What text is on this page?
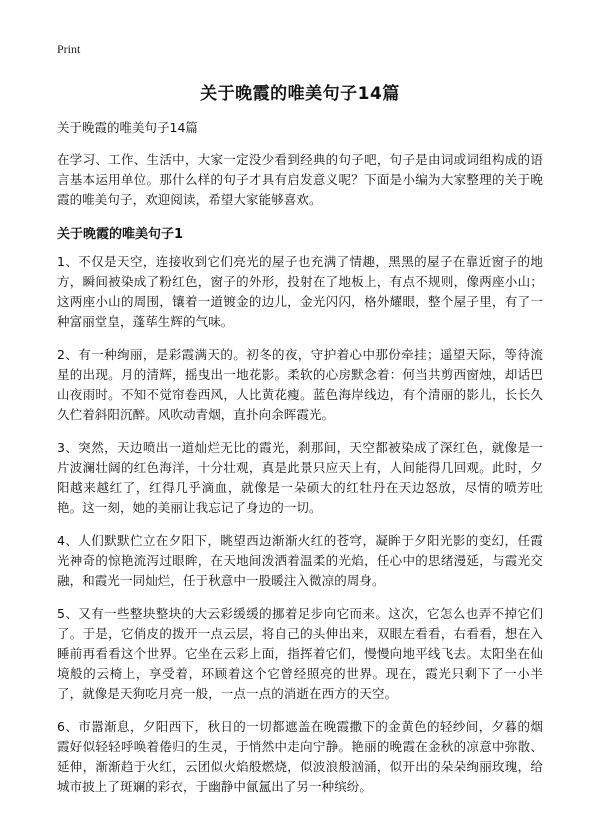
Print
关于晚霞的唯美句子14篇
关于晚霞的唯美句子14篇

在学习、工作、生活中，大家一定没少看到经典的句子吧，句子是由词或词组构成的语言基本运用单位。那什么样的句子才具有启发意义呢？下面是小编为大家整理的关于晚霞的唯美句子，欢迎阅读，希望大家能够喜欢。

关于晚霞的唯美句子1

1、不仅是天空，连接收到它们亮光的屋子也充满了情趣，黑黑的屋子在靠近窗子的地方，瞬间被染成了粉红色，窗子的外形，投射在了地板上，有点不规则，像两座小山；这两座小山的周围，镶着一道镀金的边儿，金光闪闪，格外耀眼，整个屋子里，有了一种富丽堂皇，蓬荜生辉的气味。

2、有一种绚丽，是彩霞满天的。初冬的夜，守护着心中那份牵挂；遥望天际，等待流星的出现。月的清辉，摇曳出一地花影。柔软的心房默念着：何当共剪西窗烛，却话巴山夜雨时。不知不觉帘卷西风，人比黄花瘦。蓝色海岸线边，有个清丽的影儿，长长久久伫着斜阳沉醉。风吹动青烟，直扑向余晖霞光。

3、突然，天边喷出一道灿烂无比的霞光，刹那间，天空都被染成了深红色，就像是一片波澜壮阔的红色海洋，十分壮观，真是此景只应天上有，人间能得几回观。此时，夕阳越来越红了，红得几乎滴血，就像是一朵硕大的红牡丹在天边怒放，尽情的喷芳吐艳。这一刻，她的美丽让我忘记了身边的一切。

4、人们默默伫立在夕阳下，眺望西边渐渐火红的苍穹，凝眸于夕阳光影的变幻，任霞光神奇的惊艳流泻过眼眸，在天地间泼洒着温柔的光焰，任心中的思绪漫延，与霞光交融，和霞光一同灿烂，任于秋意中一股暖注入微凉的周身。

5、又有一些整块整块的大云彩缓缓的挪着足步向它而来。这次，它怎么也弄不掉它们了。于是，它俏皮的拨开一点云层，将自己的头伸出来，双眼左看看，右看看，想在入睡前再看看这个世界。它坐在云彩上面，指挥着它们，慢慢向地平线飞去。太阳坐在仙境般的云椅上，享受着，环顾着这个它曾经照亮的世界。现在，霞光只剩下了一小半了，就像是天狗吃月亮一般，一点一点的消逝在西方的天空。

6、市嚣渐息，夕阳西下，秋日的一切都遮盖在晚霞撒下的金黄色的轻纱间，夕暮的烟霞好似轻轻呼唤着倦归的生灵，于悄然中走向宁静。艳丽的晚霞在金秋的凉意中弥散、延伸，渐渐趋于火红，云团似火焰般燃烧，似波浪般汹涌，似开出的朵朵绚丽玫瑰，给城市披上了斑斓的彩衣，于幽静中氤氲出了另一种缤纷。
